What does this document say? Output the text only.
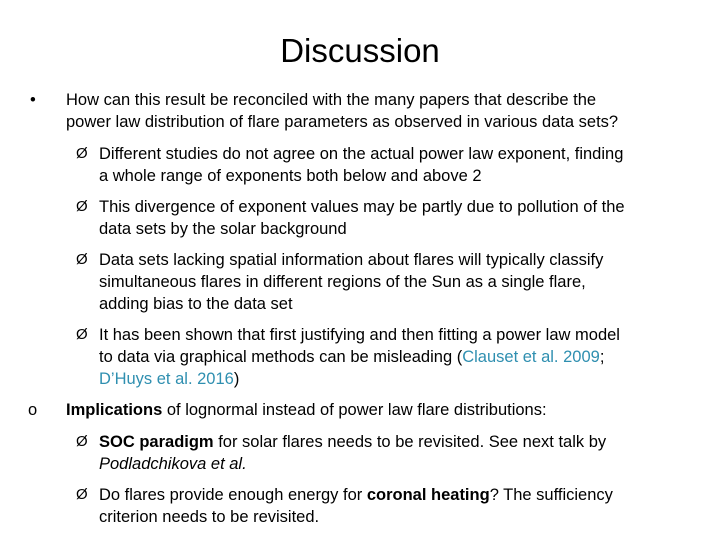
Discussion
• How can this result be reconciled with the many papers that describe the
power law distribution of flare parameters as observed in various data sets?
Ø Different studies do not agree on the actual power law exponent, finding
a whole range of exponents both below and above 2
Ø This divergence of exponent values may be partly due to pollution of the
data sets by the solar background
Ø Data sets lacking spatial information about flares will typically classify
simultaneous flares in different regions of the Sun as a single flare,
adding bias to the data set
Ø It has been shown that first justifying and then fitting a power law model
to data via graphical methods can be misleading (Clauset et al. 2009;
D’Huys et al. 2016)
o Implications of lognormal instead of power law flare distributions:
Ø SOC paradigm for solar flares needs to be revisited. See next talk by
Podladchikova et al.
Ø Do flares provide enough energy for coronal heating? The sufficiency
criterion needs to be revisited.
